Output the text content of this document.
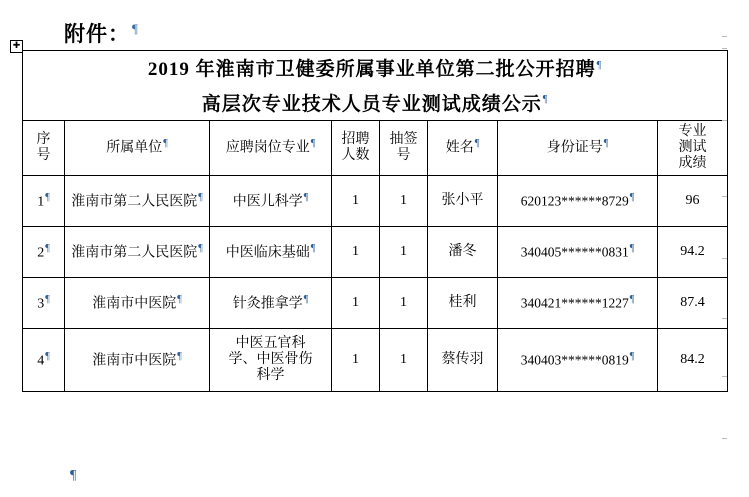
附件： ¶
✚
2019 年淮南市卫健委所属事业单位第二批公开招聘¶
高层次专业技术人员专业测试成绩公示¶

序
号	所属单位¶	应聘岗位专业¶	招聘
人数	抽签
号	姓名¶	身份证号¶	专业
测试
成绩

1¶	淮南市第二人民医院¶	中医儿科学¶	1	1	张小平	620123******8729¶	96
2¶	淮南市第二人民医院¶	中医临床基础¶	1	1	潘冬	340405******0831¶	94.2
3¶	淮南市中医院¶	针灸推拿学¶	1	1	桂利	340421******1227¶	87.4
4¶	淮南市中医院¶	中医五官科
学、中医骨伤
科学	1	1	蔡传羽	340403******0819¶	84.2
¶
